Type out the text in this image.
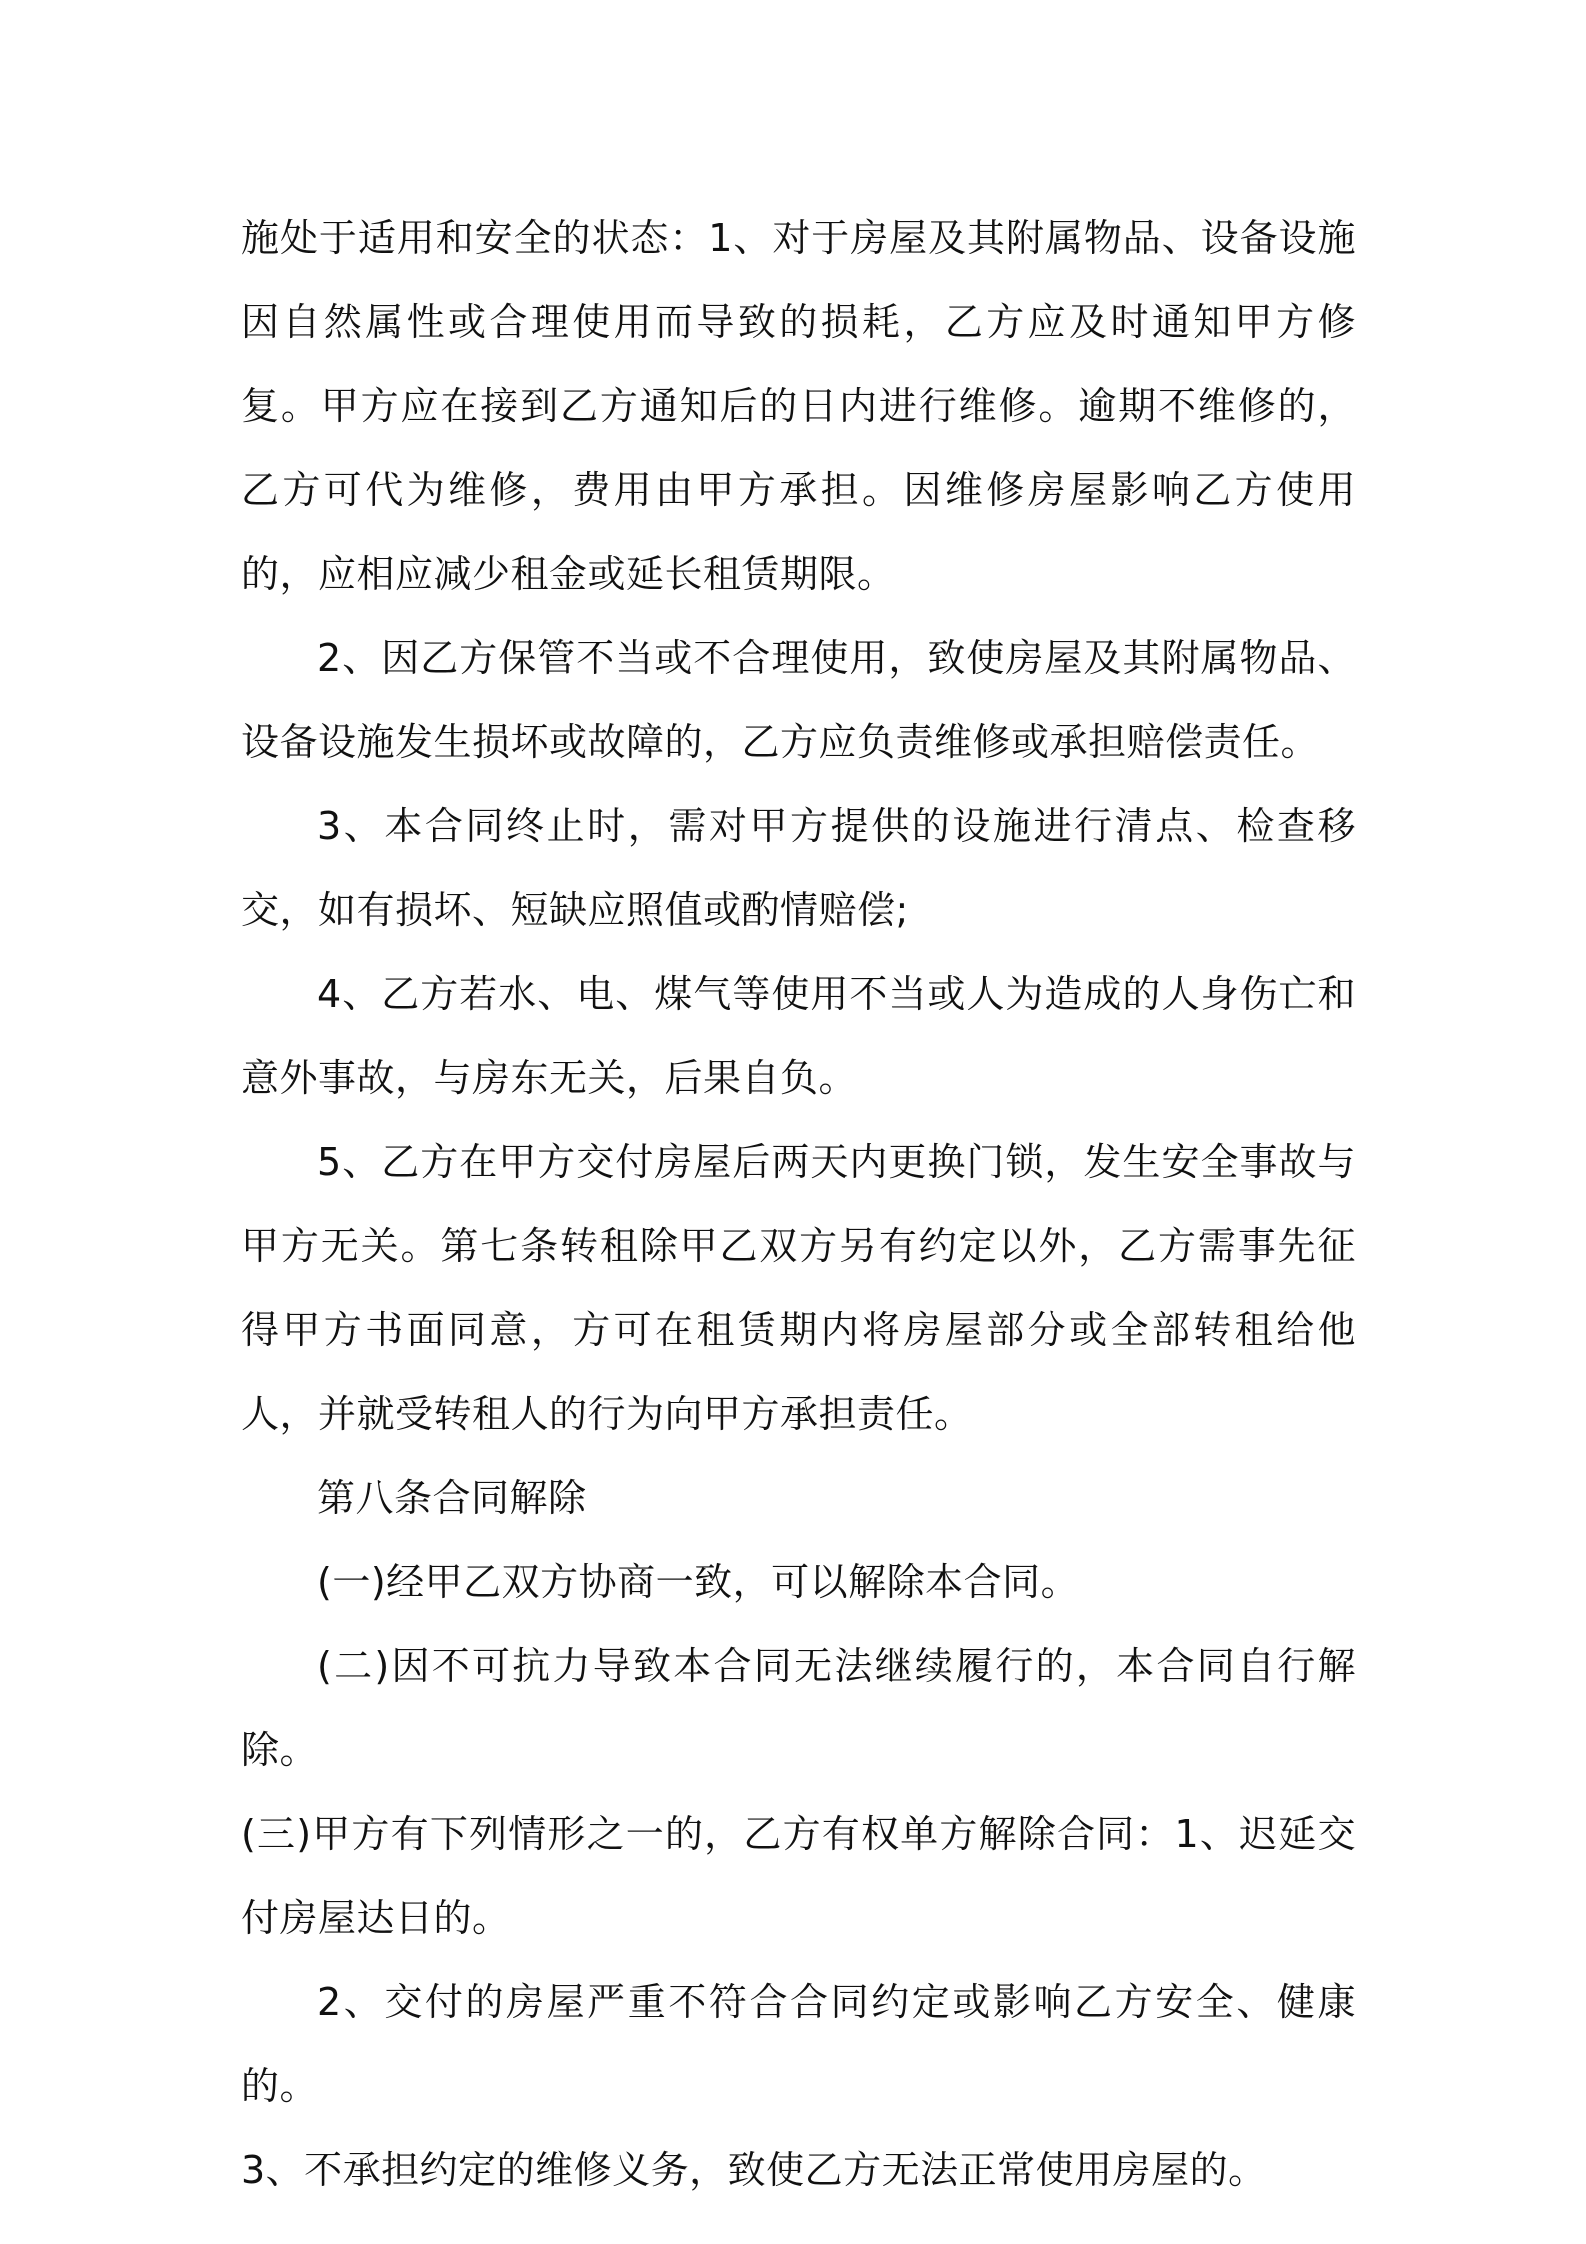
施处于适用和安全的状态：1、对于房屋及其附属物品、设备设施因自然属性或合理使用而导致的损耗，乙方应及时通知甲方修复。甲方应在接到乙方通知后的日内进行维修。逾期不维修的，乙方可代为维修，费用由甲方承担。因维修房屋影响乙方使用的，应相应减少租金或延长租赁期限。

2、因乙方保管不当或不合理使用，致使房屋及其附属物品、设备设施发生损坏或故障的，乙方应负责维修或承担赔偿责任。

3、本合同终止时，需对甲方提供的设施进行清点、检查移交，如有损坏、短缺应照值或酌情赔偿;

4、乙方若水、电、煤气等使用不当或人为造成的人身伤亡和意外事故，与房东无关，后果自负。

5、乙方在甲方交付房屋后两天内更换门锁，发生安全事故与甲方无关。第七条转租除甲乙双方另有约定以外，乙方需事先征得甲方书面同意，方可在租赁期内将房屋部分或全部转租给他人，并就受转租人的行为向甲方承担责任。

第八条合同解除

(一)经甲乙双方协商一致，可以解除本合同。

(二)因不可抗力导致本合同无法继续履行的，本合同自行解除。

(三)甲方有下列情形之一的，乙方有权单方解除合同：1、迟延交付房屋达日的。

2、交付的房屋严重不符合合同约定或影响乙方安全、健康的。

3、不承担约定的维修义务，致使乙方无法正常使用房屋的。
